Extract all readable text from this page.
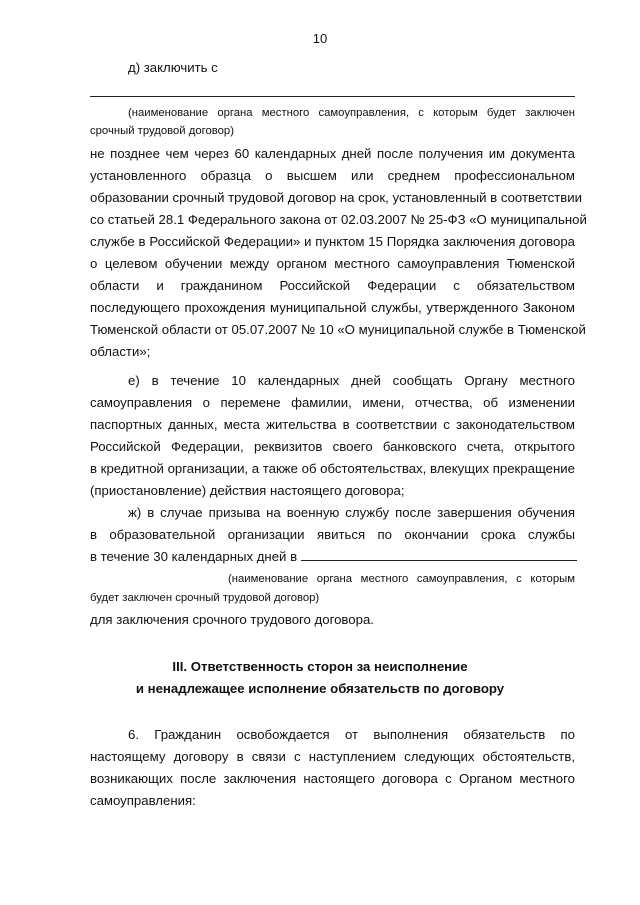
10
д) заключить с
(наименование органа местного самоуправления, с которым будет заключен
срочный трудовой договор)
не позднее чем через 60 календарных дней после получения им документа
установленного образца о высшем или среднем профессиональном
образовании срочный трудовой договор на срок, установленный в соответствии
со статьей 28.1 Федерального закона от 02.03.2007 № 25-ФЗ «О муниципальной
службе в Российской Федерации» и пунктом 15 Порядка заключения договора
о целевом обучении между органом местного самоуправления Тюменской
области и гражданином Российской Федерации с обязательством
последующего прохождения муниципальной службы, утвержденного Законом
Тюменской области от 05.07.2007 № 10 «О муниципальной службе в Тюменской
области»;
е) в течение 10 календарных дней сообщать Органу местного
самоуправления о перемене фамилии, имени, отчества, об изменении
паспортных данных, места жительства в соответствии с законодательством
Российской Федерации, реквизитов своего банковского счета, открытого
в кредитной организации, а также об обстоятельствах, влекущих прекращение
(приостановление) действия настоящего договора;
ж) в случае призыва на военную службу после завершения обучения
в образовательной организации явиться по окончании срока службы
в течение 30 календарных дней в
(наименование органа местного самоуправления, с которым
будет заключен срочный трудовой договор)
для заключения срочного трудового договора.
III. Ответственность сторон за неисполнение
и ненадлежащее исполнение обязательств по договору
6. Гражданин освобождается от выполнения обязательств по
настоящему договору в связи с наступлением следующих обстоятельств,
возникающих после заключения настоящего договора с Органом местного
самоуправления:
